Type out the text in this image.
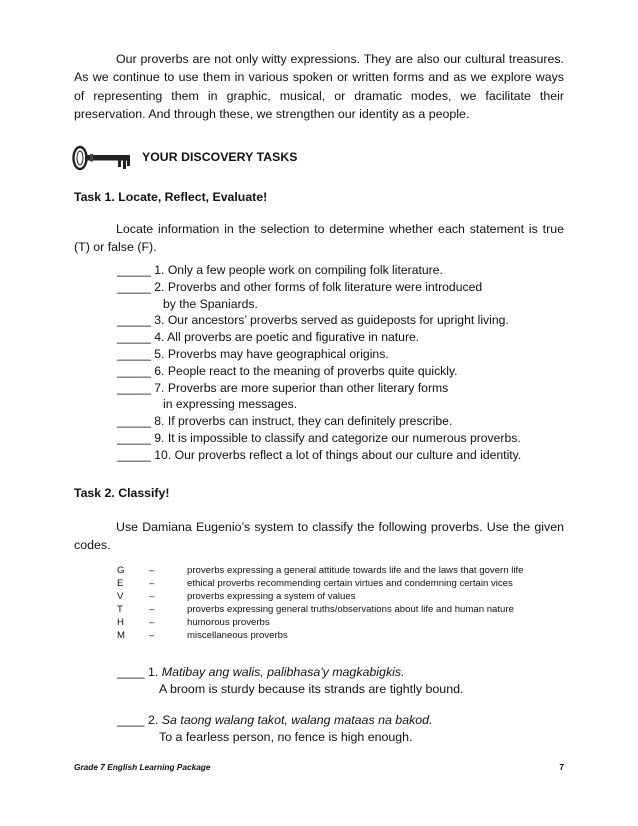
Our proverbs are not only witty expressions. They are also our cultural treasures. As we continue to use them in various spoken or written forms and as we explore ways of representing them in graphic, musical, or dramatic modes, we facilitate their preservation. And through these, we strengthen our identity as a people.

YOUR DISCOVERY TASKS
Task 1. Locate, Reflect, Evaluate!

Locate information in the selection to determine whether each statement is true (T) or false (F).

_____ 1. Only a few people work on compiling folk literature.
_____ 2. Proverbs and other forms of folk literature were introduced
by the Spaniards.
_____ 3. Our ancestors’ proverbs served as guideposts for upright living.
_____ 4. All proverbs are poetic and figurative in nature.
_____ 5. Proverbs may have geographical origins.
_____ 6. People react to the meaning of proverbs quite quickly.
_____ 7. Proverbs are more superior than other literary forms
in expressing messages.
_____ 8. If proverbs can instruct, they can definitely prescribe.
_____ 9. It is impossible to classify and categorize our numerous proverbs.
_____ 10. Our proverbs reflect a lot of things about our culture and identity.
Task 2. Classify!

Use Damiana Eugenio’s system to classify the following proverbs. Use the given codes.

G	–	proverbs expressing a general attitude towards life and the laws that govern life
E	–	ethical proverbs recommending certain virtues and condemning certain vices
V	–	proverbs expressing a system of values
T	–	proverbs expressing general truths/observations about life and human nature
H	–	humorous proverbs
M	–	miscellaneous proverbs
____ 1. Matibay ang walis, palibhasa'y magkabigkis.
A broom is sturdy because its strands are tightly bound.
____ 2. Sa taong walang takot, walang mataas na bakod.
To a fearless person, no fence is high enough.
Grade 7 English Learning Package	7
